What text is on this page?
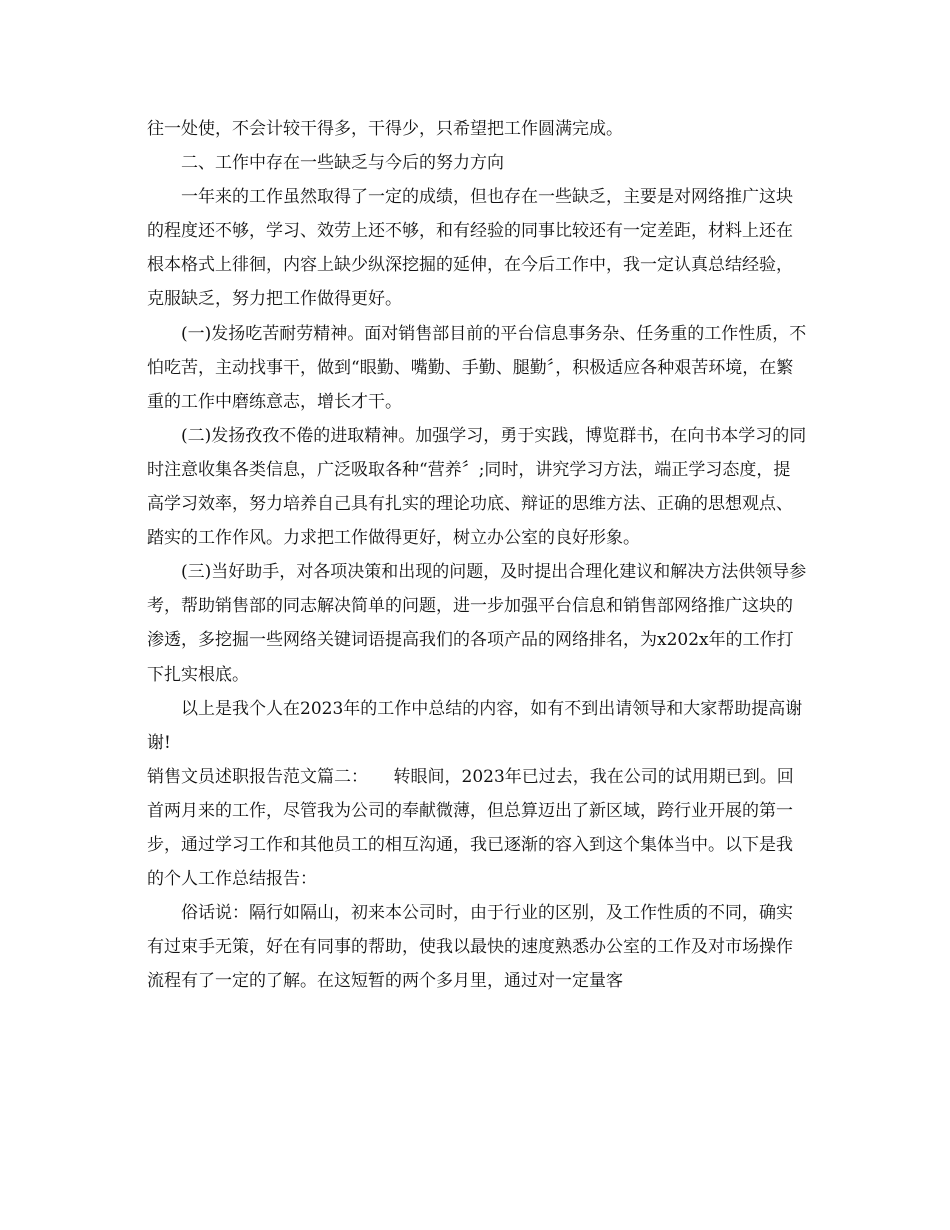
往一处使，不会计较干得多，干得少，只希望把工作圆满完成。

二、工作中存在一些缺乏与今后的努力方向

一年来的工作虽然取得了一定的成绩，但也存在一些缺乏，主要是对网络推广这块的程度还不够，学习、效劳上还不够，和有经验的同事比较还有一定差距，材料上还在根本格式上徘徊，内容上缺少纵深挖掘的延伸，在今后工作中，我一定认真总结经验，克服缺乏，努力把工作做得更好。

(一)发扬吃苦耐劳精神。面对销售部目前的平台信息事务杂、任务重的工作性质，不怕吃苦，主动找事干，做到“眼勤、嘴勤、手勤、腿勤〞，积极适应各种艰苦环境，在繁重的工作中磨练意志，增长才干。

(二)发扬孜孜不倦的进取精神。加强学习，勇于实践，博览群书，在向书本学习的同时注意收集各类信息，广泛吸取各种“营养〞;同时，讲究学习方法，端正学习态度，提高学习效率，努力培养自己具有扎实的理论功底、辩证的思维方法、正确的思想观点、踏实的工作作风。力求把工作做得更好，树立办公室的良好形象。

(三)当好助手，对各项决策和出现的问题，及时提出合理化建议和解决方法供领导参考，帮助销售部的同志解决简单的问题，进一步加强平台信息和销售部网络推广这块的渗透，多挖掘一些网络关键词语提高我们的各项产品的网络排名，为x202x年的工作打下扎实根底。

以上是我个人在2023年的工作中总结的内容，如有不到出请领导和大家帮助提高谢谢!

销售文员述职报告范文篇二：　　转眼间，2023年已过去，我在公司的试用期已到。回首两月来的工作，尽管我为公司的奉献微薄，但总算迈出了新区域，跨行业开展的第一步，通过学习工作和其他员工的相互沟通，我已逐渐的容入到这个集体当中。以下是我的个人工作总结报告：

俗话说：隔行如隔山，初来本公司时，由于行业的区别，及工作性质的不同，确实有过束手无策，好在有同事的帮助，使我以最快的速度熟悉办公室的工作及对市场操作流程有了一定的了解。在这短暂的两个多月里，通过对一定量客
